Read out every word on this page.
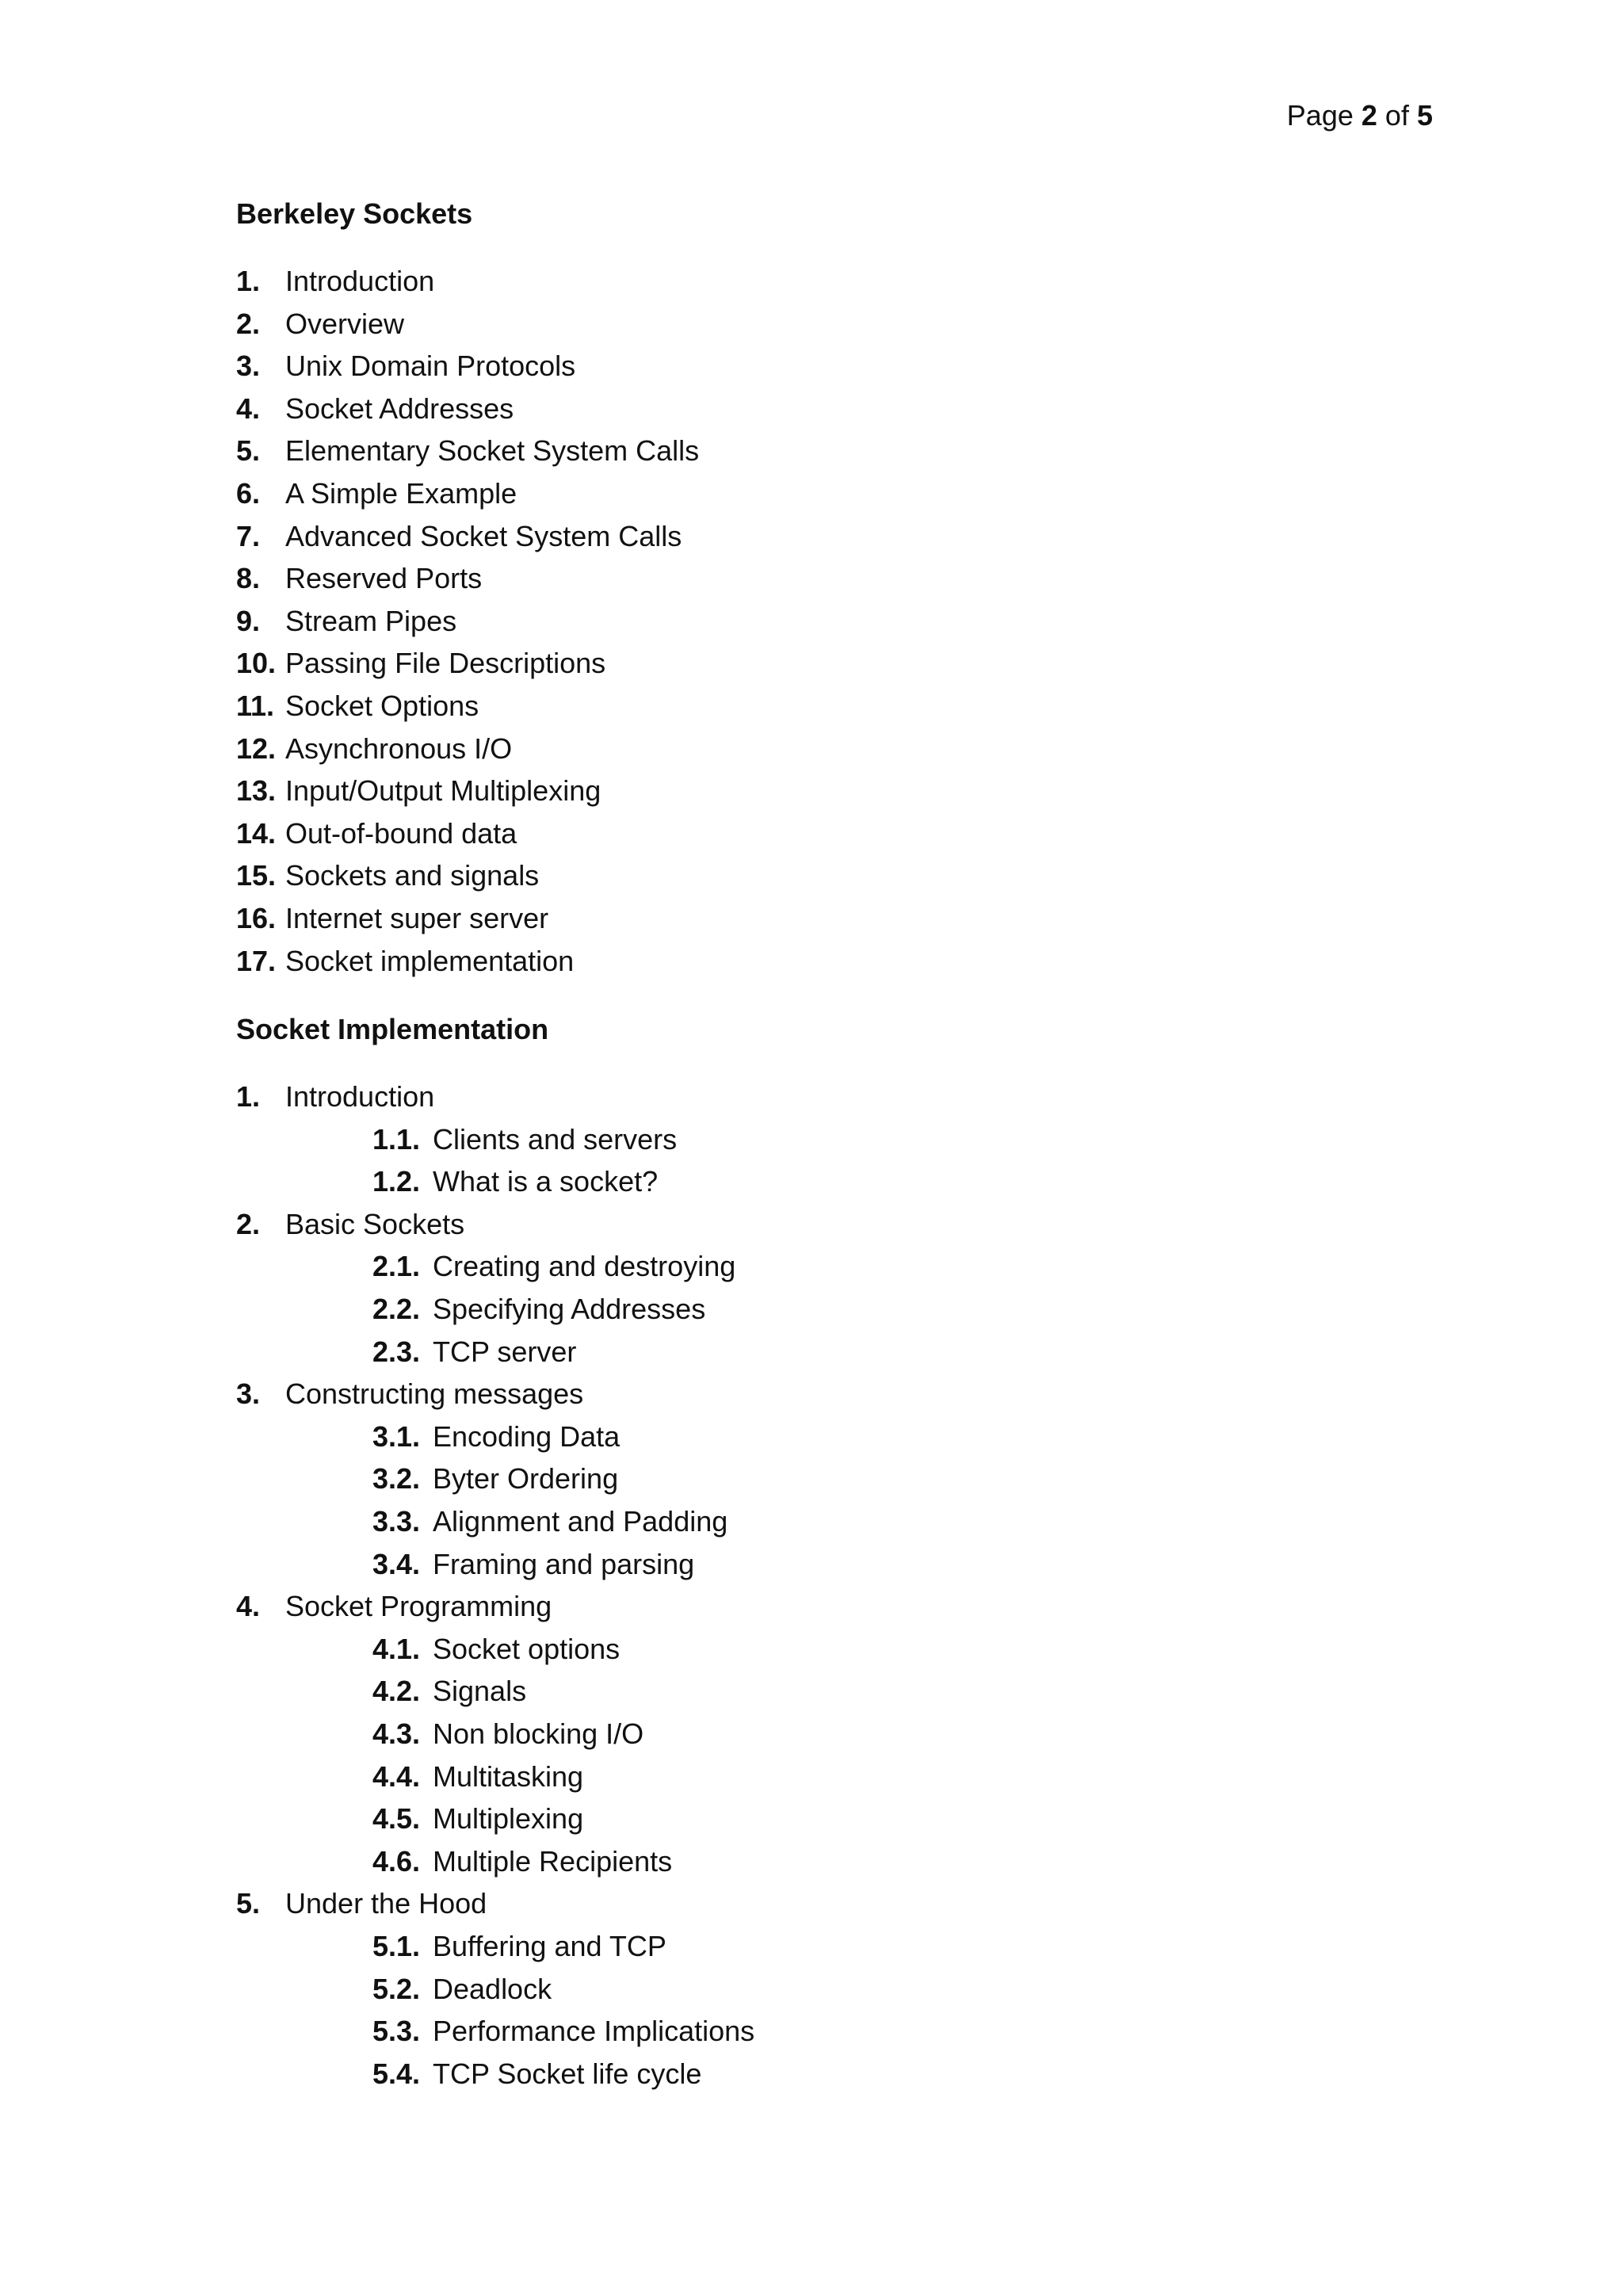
Page 2 of 5
Berkeley Sockets
1. Introduction
2. Overview
3. Unix Domain Protocols
4. Socket Addresses
5. Elementary Socket System Calls
6. A Simple Example
7. Advanced Socket System Calls
8. Reserved Ports
9. Stream Pipes
10. Passing File Descriptions
11. Socket Options
12. Asynchronous I/O
13. Input/Output Multiplexing
14. Out-of-bound data
15. Sockets and signals
16. Internet super server
17. Socket implementation
Socket Implementation
1. Introduction
1.1. Clients and servers
1.2. What is a socket?
2. Basic Sockets
2.1. Creating and destroying
2.2. Specifying Addresses
2.3. TCP server
3. Constructing messages
3.1. Encoding Data
3.2. Byter Ordering
3.3. Alignment and Padding
3.4. Framing and parsing
4. Socket Programming
4.1. Socket options
4.2. Signals
4.3. Non blocking I/O
4.4. Multitasking
4.5. Multiplexing
4.6. Multiple Recipients
5. Under the Hood
5.1. Buffering and TCP
5.2. Deadlock
5.3. Performance Implications
5.4. TCP Socket life cycle
